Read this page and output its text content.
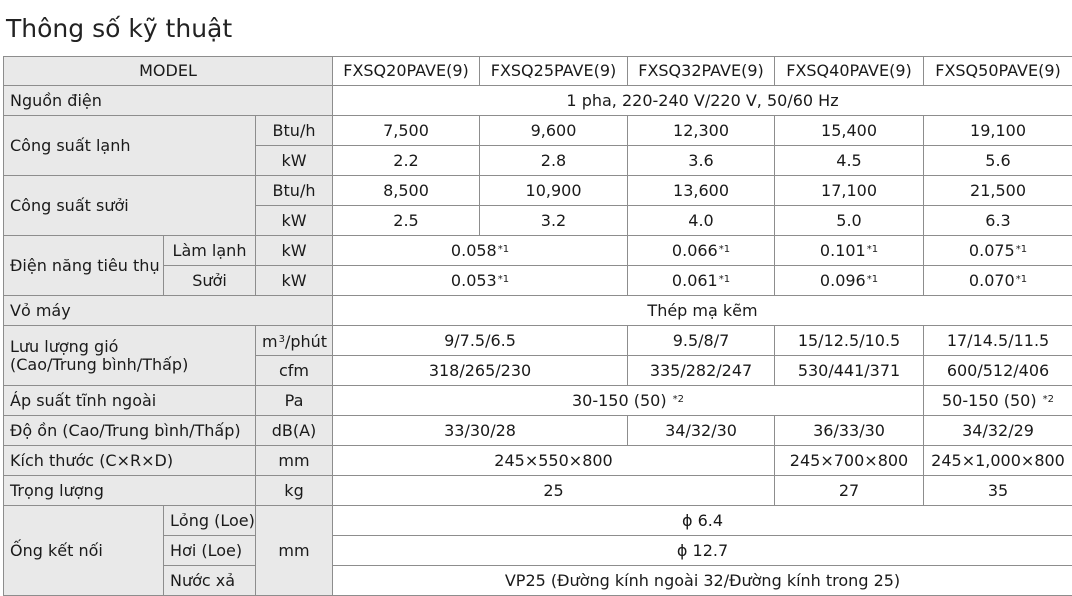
Thông số kỹ thuật
MODEL			FXSQ20PAVE(9)	FXSQ25PAVE(9)	FXSQ32PAVE(9)	FXSQ40PAVE(9)	FXSQ50PAVE(9)
Nguồn điện			1 pha, 220-240 V/220 V, 50/60 Hz				
Công suất lạnh		Btu/h	7,500	9,600	12,300	15,400	19,100
		kW	2.2	2.8	3.6	4.5	5.6
Công suất sưởi		Btu/h	8,500	10,900	13,600	17,100	21,500
		kW	2.5	3.2	4.0	5.0	6.3
Điện năng tiêu thụ	Làm lạnh	kW	0.058$^{*1}$		0.066$^{*1}$	0.101$^{*1}$	0.075$^{*1}$
	Sưởi	kW	0.053$^{*1}$		0.061$^{*1}$	0.096$^{*1}$	0.070$^{*1}$
Vỏ máy			Thép mạ kẽm				
Lưu lượng gió
(Cao/Trung bình/Thấp)		$m^3$/phút	9/7.5/6.5		9.5/8/7	15/12.5/10.5	17/14.5/11.5
		cfm	318/265/230		335/282/247	530/441/371	600/512/406
Áp suất tĩnh ngoài		Pa	30-150 (50) $^{*2}$				50-150 (50) $^{*2}$
Độ ồn (Cao/Trung bình/Thấp)		dB(A)	33/30/28		34/32/30	36/33/30	34/32/29
Kích thước (C×R×D)		mm	245×550×800			245×700×800	245×1,000×800
Trọng lượng		kg	25			27	35
Ống kết nối	Lỏng (Loe)	mm	ϕ 6.4				
	Hơi (Loe)		ϕ 12.7				
	Nước xả		VP25 (Đường kính ngoài 32/Đường kính trong 25)				
